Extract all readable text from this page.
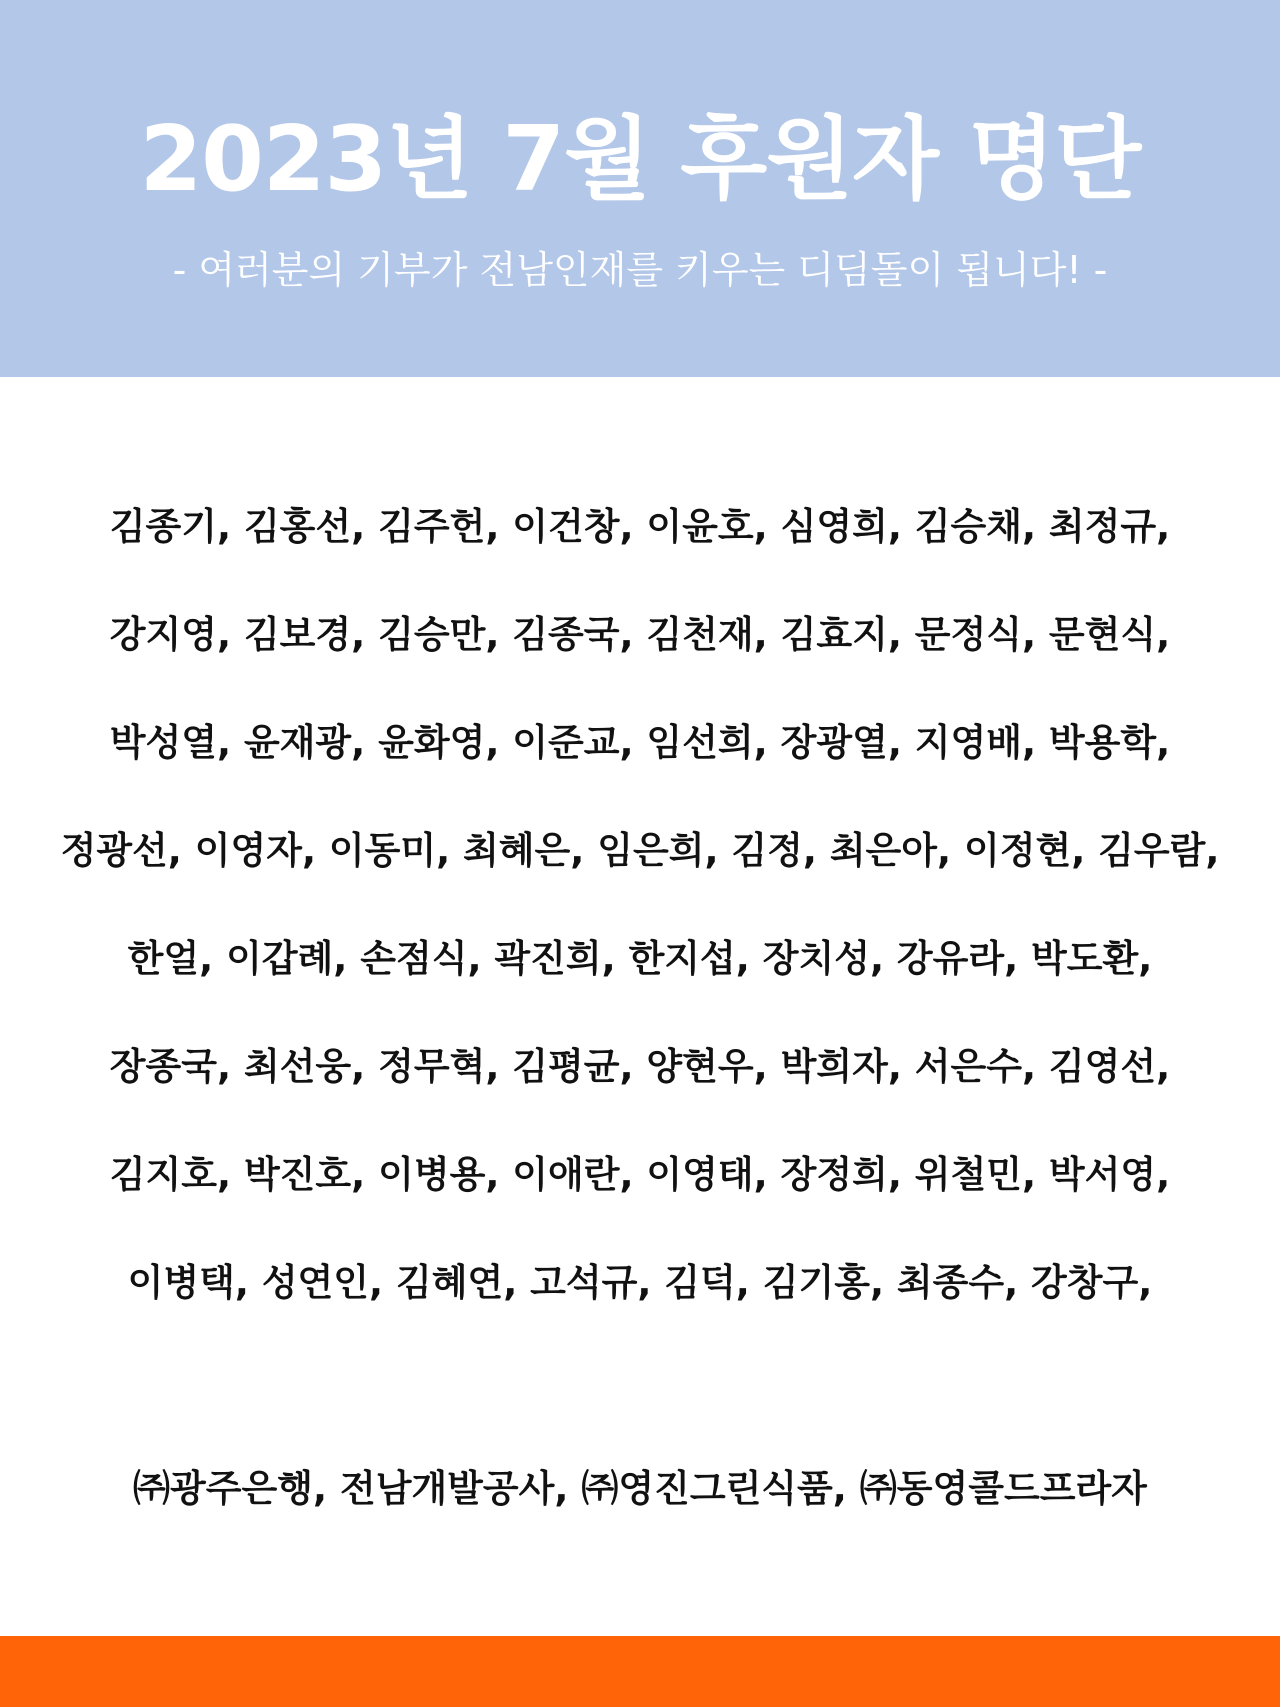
2023년 7월 후원자 명단
- 여러분의 기부가 전남인재를 키우는 디딤돌이 됩니다! -
김종기, 김홍선, 김주헌, 이건창, 이윤호, 심영희, 김승채, 최정규,
강지영, 김보경, 김승만, 김종국, 김천재, 김효지, 문정식, 문현식,
박성열, 윤재광, 윤화영, 이준교, 임선희, 장광열, 지영배, 박용학,
정광선, 이영자, 이동미, 최혜은, 임은희, 김정, 최은아, 이정현, 김우람,
한얼, 이갑례, 손점식, 곽진희, 한지섭, 장치성, 강유라, 박도환,
장종국, 최선웅, 정무혁, 김평균, 양현우, 박희자, 서은수, 김영선,
김지호, 박진호, 이병용, 이애란, 이영태, 장정희, 위철민, 박서영,
이병택, 성연인, 김혜연, 고석규, 김덕, 김기홍, 최종수, 강창구,
㈜광주은행, 전남개발공사, ㈜영진그린식품, ㈜동영콜드프라자
